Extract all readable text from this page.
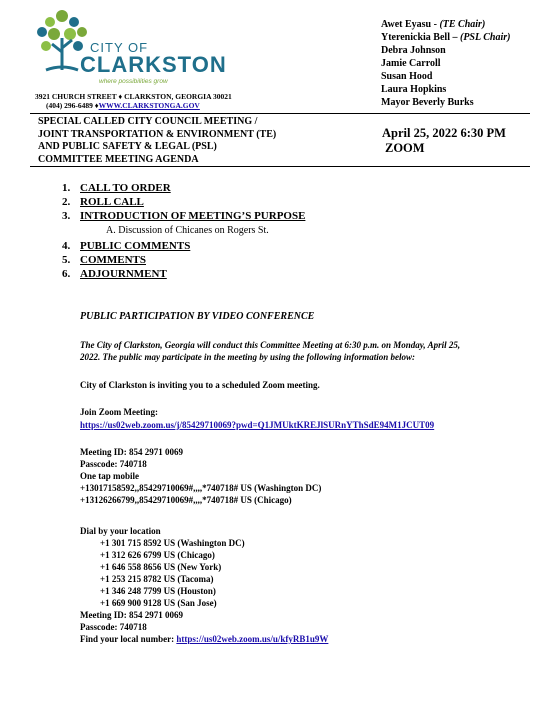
CITY OF
CLARKSTON
where possibilities grow
3921 CHURCH STREET ♦ CLARKSTON, GEORGIA 30021
(404) 296-6489 ♦WWW.CLARKSTONGA.GOV
Awet Eyasu - (TE Chair)
Yterenickia Bell – (PSL Chair)
Debra Johnson
Jamie Carroll
Susan Hood
Laura Hopkins
Mayor Beverly Burks
SPECIAL CALLED CITY COUNCIL MEETING /
JOINT TRANSPORTATION & ENVIRONMENT (TE)
AND PUBLIC SAFETY & LEGAL (PSL)
COMMITTEE MEETING AGENDA
April 25, 2022 6:30 PM
ZOOM
1. CALL TO ORDER
2. ROLL CALL
3. INTRODUCTION OF MEETING’S PURPOSE
A. Discussion of Chicanes on Rogers St.
4. PUBLIC COMMENTS
5. COMMENTS
6. ADJOURNMENT
PUBLIC PARTICIPATION BY VIDEO CONFERENCE
The City of Clarkston, Georgia will conduct this Committee Meeting at 6:30 p.m. on Monday, April 25,
2022. The public may participate in the meeting by using the following information below:
City of Clarkston is inviting you to a scheduled Zoom meeting.
Join Zoom Meeting:
https://us02web.zoom.us/j/85429710069?pwd=Q1JMUktKREJlSURnYThSdE94M1JCUT09
Meeting ID: 854 2971 0069
Passcode: 740718
One tap mobile
+13017158592,,85429710069#,,,,*740718# US (Washington DC)
+13126266799,,85429710069#,,,,*740718# US (Chicago)
Dial by your location
+1 301 715 8592 US (Washington DC)
+1 312 626 6799 US (Chicago)
+1 646 558 8656 US (New York)
+1 253 215 8782 US (Tacoma)
+1 346 248 7799 US (Houston)
+1 669 900 9128 US (San Jose)
Meeting ID: 854 2971 0069
Passcode: 740718
Find your local number: https://us02web.zoom.us/u/kfyRB1u9W
